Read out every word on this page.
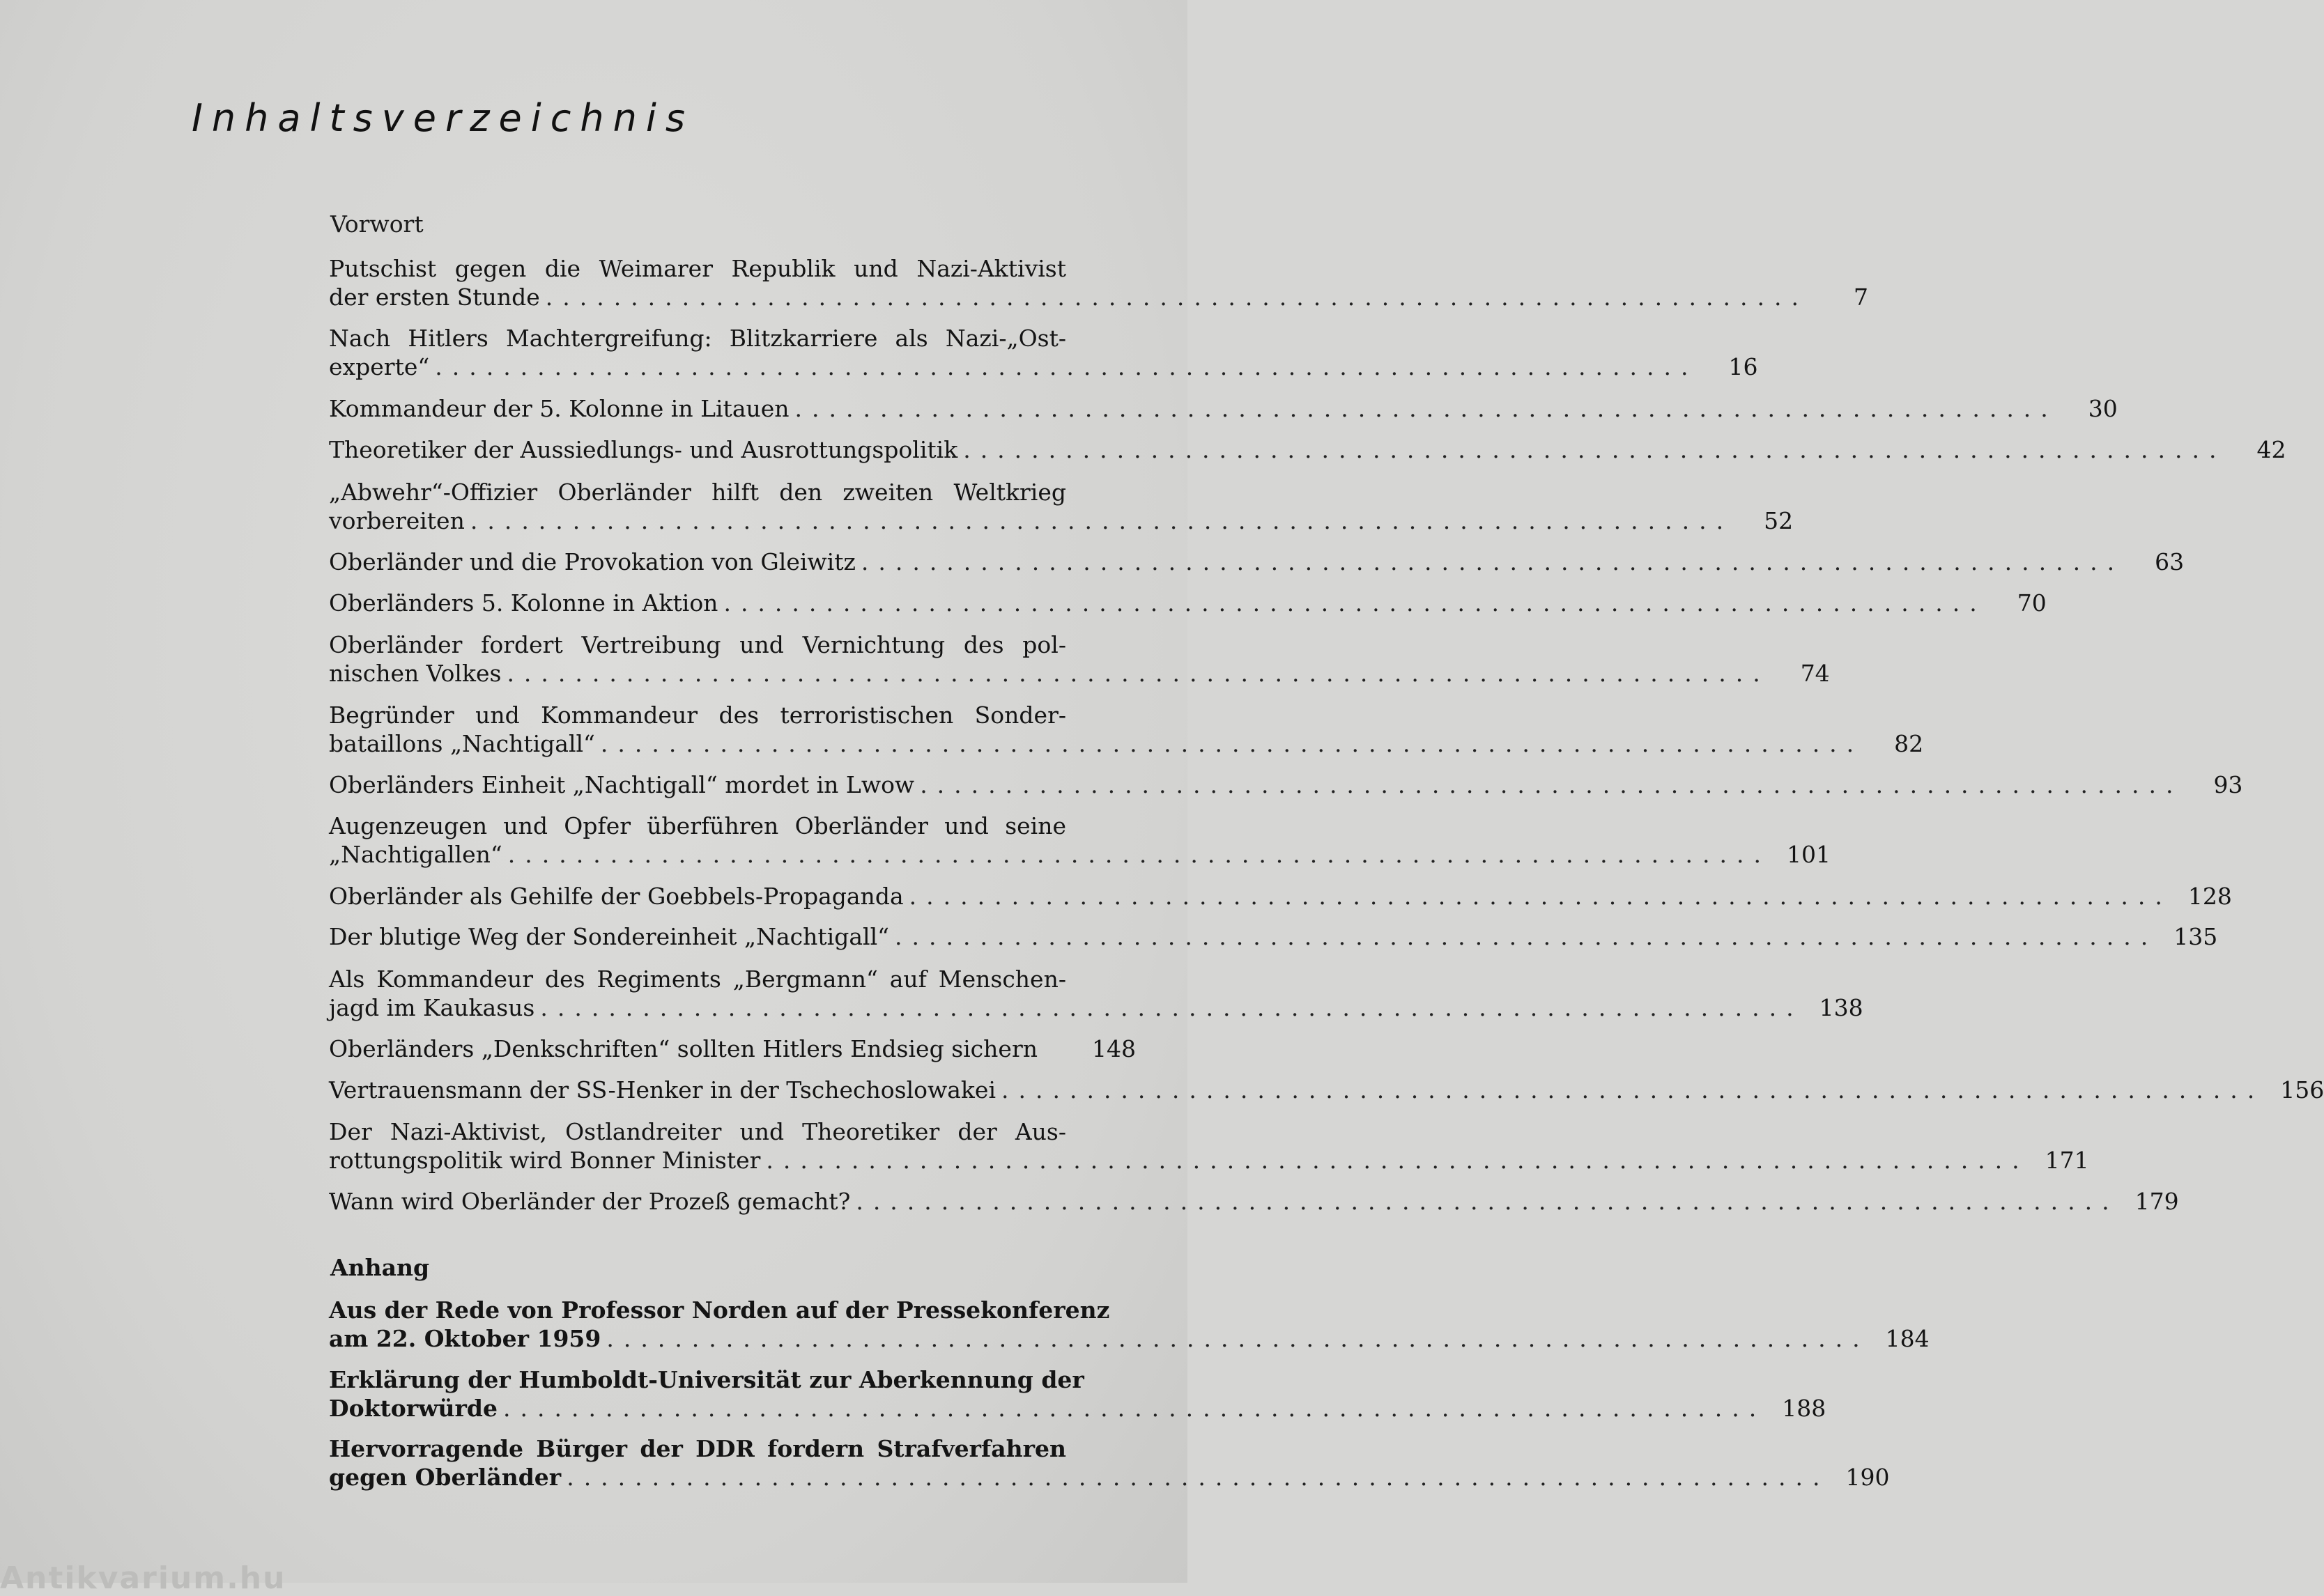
Inhaltsverzeichnis
Vorwort
Putschist gegen die Weimarer Republik und Nazi-Aktivist
der ersten Stunde ..........................................................................	7
Nach Hitlers Machtergreifung: Blitzkarriere als Nazi-„Ost-
experte“ ..........................................................................	16
Kommandeur der 5. Kolonne in Litauen ..........................................................................	30
Theoretiker der Aussiedlungs- und Ausrottungspolitik ..........................................................................	42
„Abwehr“-Offizier Oberländer hilft den zweiten Weltkrieg
vorbereiten ..........................................................................	52
Oberländer und die Provokation von Gleiwitz ..........................................................................	63
Oberländers 5. Kolonne in Aktion ..........................................................................	70
Oberländer fordert Vertreibung und Vernichtung des pol-
nischen Volkes ..........................................................................	74
Begründer und Kommandeur des terroristischen Sonder-
bataillons „Nachtigall“ ..........................................................................	82
Oberländers Einheit „Nachtigall“ mordet in Lwow ..........................................................................	93
Augenzeugen und Opfer überführen Oberländer und seine
„Nachtigallen“ .......................................................................... 101
Oberländer als Gehilfe der Goebbels-Propaganda .......................................................................... 128
Der blutige Weg der Sondereinheit „Nachtigall“ .......................................................................... 135
Als Kommandeur des Regiments „Bergmann“ auf Menschen-
jagd im Kaukasus .......................................................................... 138
Oberländers „Denkschriften“ sollten Hitlers Endsieg sichern	148
Vertrauensmann der SS-Henker in der Tschechoslowakei .......................................................................... 156
Der Nazi-Aktivist, Ostlandreiter und Theoretiker der Aus-
rottungspolitik wird Bonner Minister .......................................................................... 171
Wann wird Oberländer der Prozeß gemacht? .......................................................................... 179
Anhang
Aus der Rede von Professor Norden auf der Pressekonferenz
am 22. Oktober 1959 .......................................................................... 184
Erklärung der Humboldt-Universität zur Aberkennung der
Doktorwürde .......................................................................... 188
Hervorragende Bürger der DDR fordern Strafverfahren
gegen Oberländer .......................................................................... 190
Antikvarium.hu
